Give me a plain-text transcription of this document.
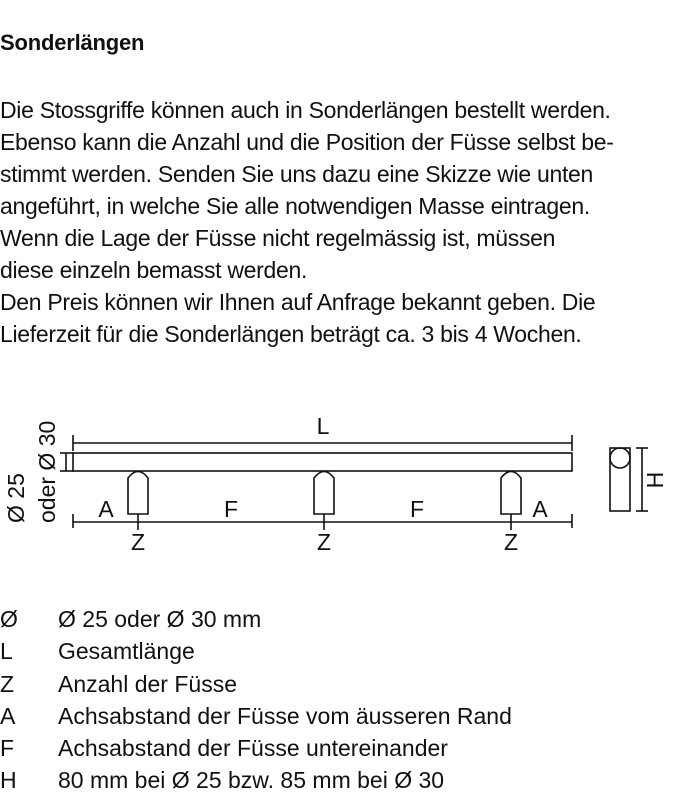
Sonderlängen
Die Stossgriffe können auch in Sonderlängen bestellt werden.
Ebenso kann die Anzahl und die Position der Füsse selbst be-
stimmt werden. Senden Sie uns dazu eine Skizze wie unten
angeführt, in welche Sie alle notwendigen Masse eintragen.
Wenn die Lage der Füsse nicht regelmässig ist, müssen
diese einzeln bemasst werden.
Den Preis können wir Ihnen auf Anfrage bekannt geben. Die
Lieferzeit für die Sonderlängen beträgt ca. 3 bis 4 Wochen.
L
Ø 25 oder Ø 30	H
A	F	F	A
Z	Z	Z
Ø Ø 25 oder Ø 30 mm
L Gesamtlänge
Z Anzahl der Füsse
A Achsabstand der Füsse vom äusseren Rand
F Achsabstand der Füsse untereinander
H 80 mm bei Ø 25 bzw. 85 mm bei Ø 30
